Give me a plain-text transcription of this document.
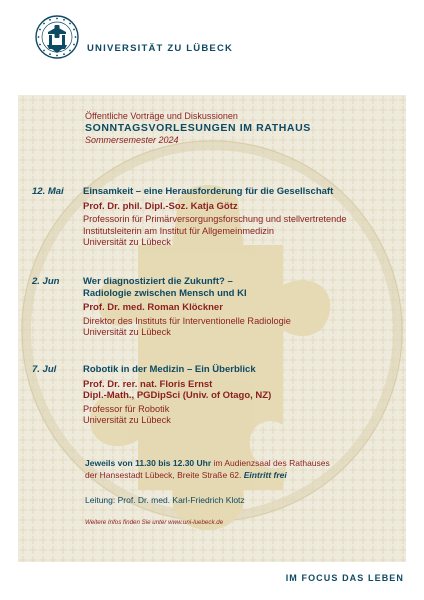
UNIVERSITÄT ZU LÜBECK
Öffentliche Vorträge und Diskussionen
SONNTAGSVORLESUNGEN IM RATHAUS
Sommersemester 2024
12. Mai Einsamkeit – eine Herausforderung für die Gesellschaft
Prof. Dr. phil. Dipl.-Soz. Katja Götz
Professorin für Primärversorgungsforschung und stellvertretende
Institutsleiterin am Institut für Allgemeinmedizin
Universität zu Lübeck
2. Jun Wer diagnostiziert die Zukunft? –
Radiologie zwischen Mensch und KI
Prof. Dr. med. Roman Klöckner
Direktor des Instituts für Interventionelle Radiologie
Universität zu Lübeck
7. Jul	Robotik in der Medizin – Ein Überblick
Prof. Dr. rer. nat. Floris Ernst
Dipl.-Math., PGDipSci (Univ. of Otago, NZ)
Professor für Robotik
Universität zu Lübeck
Jeweils von 11.30 bis 12.30 Uhr im Audienzsaal des Rathauses
der Hansestadt Lübeck, Breite Straße 62. Eintritt frei
Leitung: Prof. Dr. med. Karl-Friedrich Klotz
Weitere Infos finden Sie unter www.uni-luebeck.de
IM FOCUS DAS LEBEN
